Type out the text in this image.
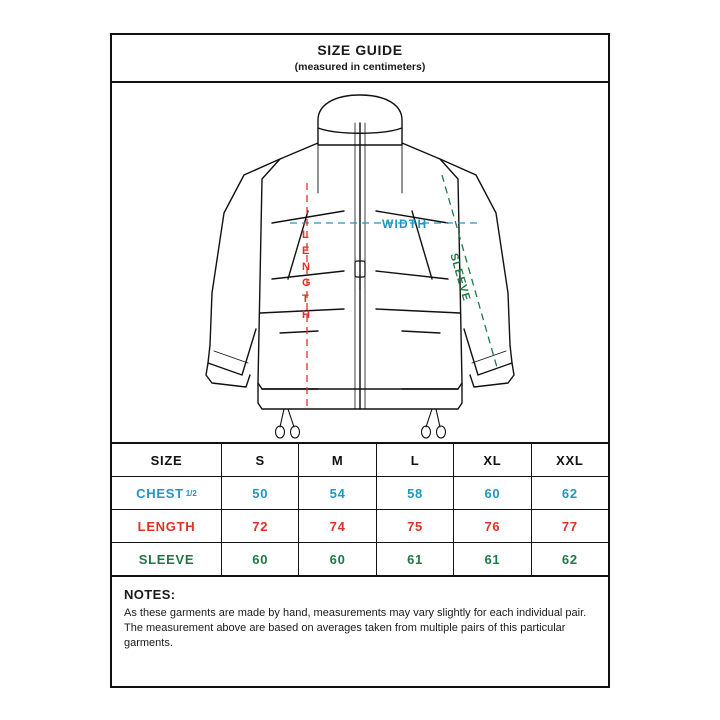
SIZE GUIDE
(measured in centimeters)
WIDTH
L
E
N
G
T
H
SLEEVE
SIZE	S	M	L	XL	XXL
CHEST 1/2	50	54	58	60	62
LENGTH	72	74	75	76	77
SLEEVE	60	60	61	61	62
NOTES:

As these garments are made by hand, measurements may vary slightly for each individual pair. The measurement above are based on averages taken from multiple pairs of this particular garments.
